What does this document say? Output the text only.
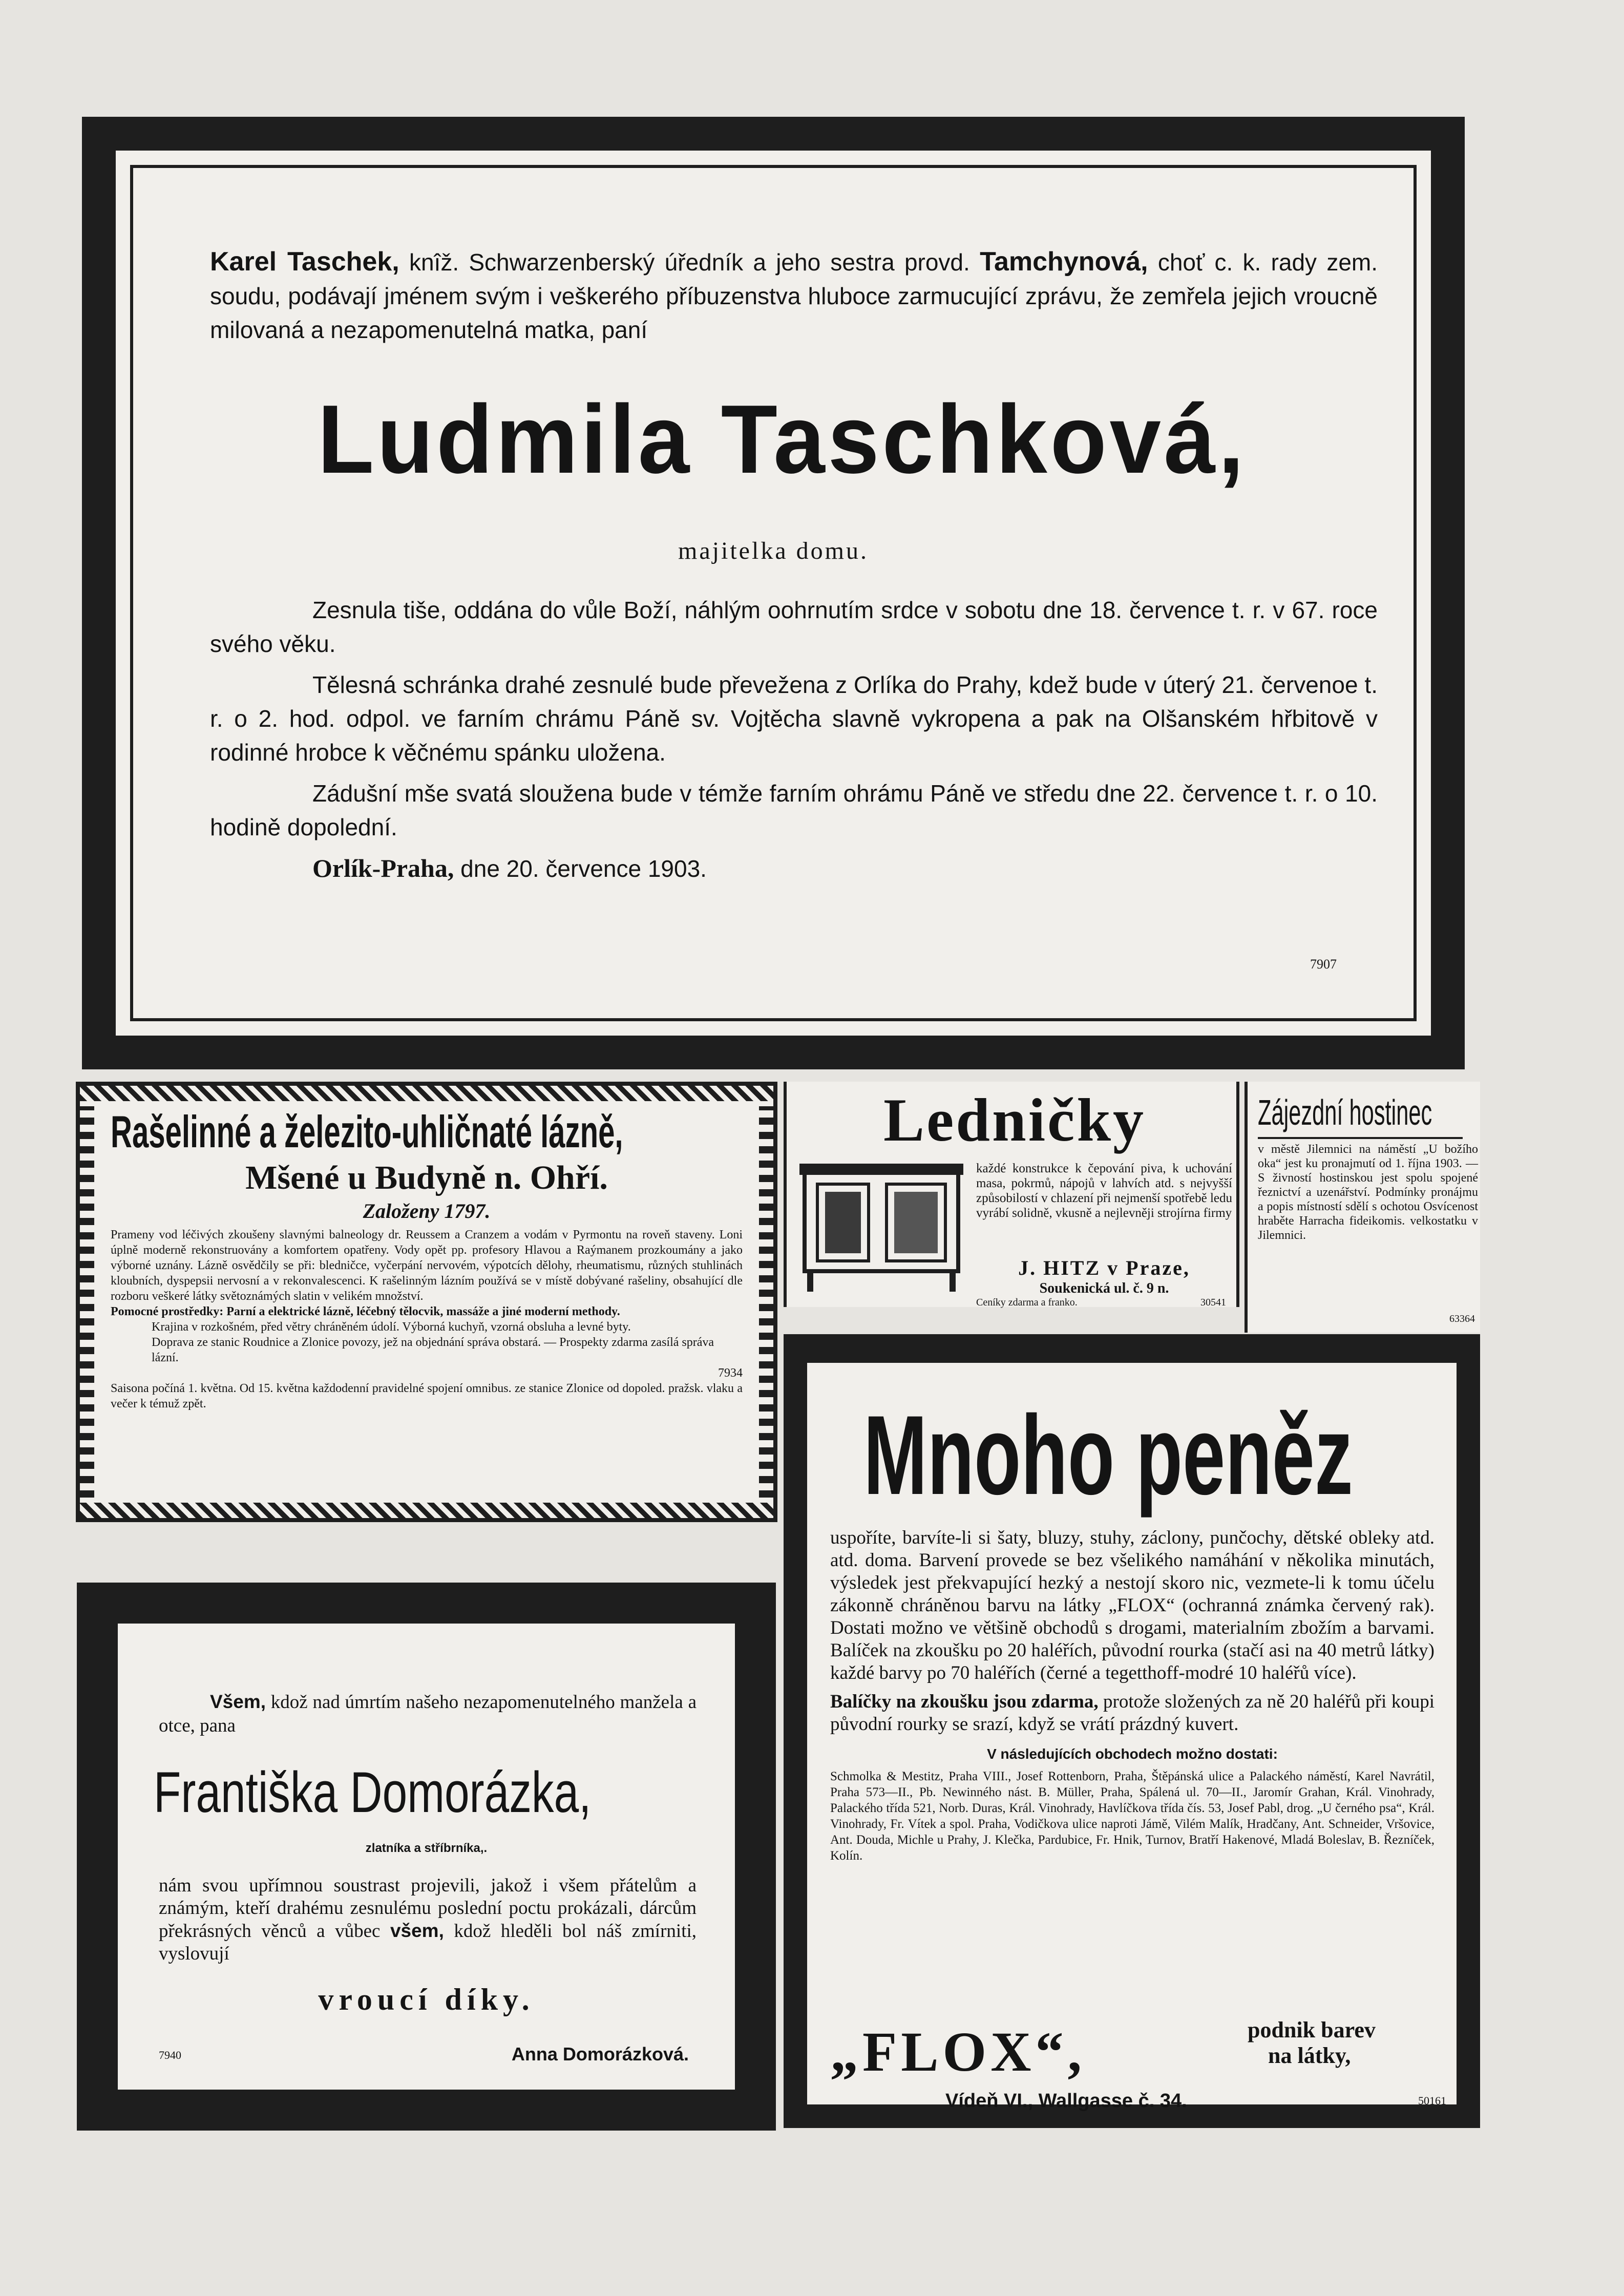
Karel Taschek, knîž. Schwarzenberský úředník a jeho sestra provd. Tamchynová, choť c. k. rady zem. soudu, podávají jménem svým i veškerého příbuzenstva hluboce zarmucující zprávu, že zemřela jejich vroucně milovaná a nezapomenutelná matka, paní

Ludmila Taschková,
majitelka domu.

Zesnula tiše, oddána do vůle Boží, náhlým oohrnutím srdce v sobotu dne 18. července t. r. v 67. roce svého věku.

Tělesná schránka drahé zesnulé bude převežena z Orlíka do Prahy, kdež bude v úterý 21. červenoe t. r. o 2. hod. odpol. ve farním chrámu Páně sv. Vojtěcha slavně vykropena a pak na Olšanském hřbitově v rodinné hrobce k věčnému spánku uložena.

Zádušní mše svatá sloužena bude v témže farním ohrámu Páně ve středu dne 22. července t. r. o 10. hodině dopolední.

Orlík-Praha, dne 20. července 1903.

7907
Rašelinné a železito-uhličnaté lázně,
Mšené u Budyně n. Ohří.
Založeny 1797.

Prameny vod léčivých zkoušeny slavnými balneology dr. Reussem a Cranzem a vodám v Pyrmontu na roveň staveny. Loni úplně moderně rekonstruovány a komfortem opatřeny. Vody opět pp. profesory Hlavou a Raýmanem prozkoumány a jako výborné uznány. Lázně osvědčily se při: bledničce, vyčerpání nervovém, výpotcích dělohy, rheumatismu, různých stuhlinách kloubních, dyspepsii nervosní a v rekonvalescenci. K rašelinným lázním používá se v místě dobývané rašeliny, obsahující dle rozboru veškeré látky světoznámých slatin v velikém množství.

Pomocné prostředky: Parní a elektrické lázně, léčebný tělocvik, massáže a jiné moderní methody.

Krajina v rozkošném, před větry chráněném údolí. Výborná kuchyň, vzorná obsluha a levné byty.

Doprava ze stanic Roudnice a Zlonice povozy, jež na objednání správa obstará. — Prospekty zdarma zasílá správa lázní.

7934

Saisona počíná 1. května. Od 15. května každodenní pravidelné spojení omnibus. ze stanice Zlonice od dopoled. pražsk. vlaku a večer k témuž zpět.

Ledničky
každé konstrukce k čepování piva, k uchování masa, pokrmů, nápojů v lahvích atd. s nejvyšší způsobilostí v chlazení při nejmenší spotřebě ledu vyrábí solidně, vkusně a nejlevněji strojírna firmy
J. HITZ v Praze,
Soukenická ul. č. 9 n.
Ceníky zdarma a franko.	30541
Zájezdní hostinec
v městě Jilemnici na náměstí „U božího oka“ jest ku pronajmutí od 1. října 1903. — S živností hostinskou jest spolu spojené řeznictví a uzenářství. Podmínky pronájmu a popis místností sdělí s ochotou Osvícenost hraběte Harracha fideikomis. velkostatku v Jilemnici.
63364
Mnoho peněz

uspoříte, barvíte-li si šaty, bluzy, stuhy, záclony, punčochy, dětské obleky atd. atd. doma. Barvení provede se bez všelikého namáhání v několika minutách, výsledek jest překvapující hezký a nestojí skoro nic, vezmete-li k tomu účelu zákonně chráněnou barvu na látky „FLOX“ (ochranná známka červený rak). Dostati možno ve většině obchodů s drogami, materialním zbožím a barvami. Balíček na zkoušku po 20 haléřích, původní rourka (stačí asi na 40 metrů látky) každé barvy po 70 haléřích (černé a tegetthoff-modré 10 haléřů více).

Balíčky na zkoušku jsou zdarma, protože složených za ně 20 haléřů při koupi původní rourky se srazí, když se vrátí prázdný kuvert.

V následujících obchodech možno dostati:

Schmolka & Mestitz, Praha VIII., Josef Rottenborn, Praha, Štěpánská ulice a Palackého náměstí, Karel Navrátil, Praha 573—II., Pb. Newinného nást. B. Müller, Praha, Spálená ul. 70—II., Jaromír Grahan, Král. Vinohrady, Palackého třída 521, Norb. Duras, Král. Vinohrady, Havlíčkova třída čís. 53, Josef Pabl, drog. „U černého psa“, Král. Vinohrady, Fr. Vítek a spol. Praha, Vodičkova ulice naproti Jámě, Vilém Malík, Hradčany, Ant. Schneider, Vršovice, Ant. Douda, Michle u Prahy, J. Klečka, Pardubice, Fr. Hnik, Turnov, Bratří Hakenové, Mladá Boleslav, B. Řezníček, Kolín.

„FLOX“,	podnik barev
na látky,
Vídeň VI., Wallgasse č. 34.	50161

Všem, kdož nad úmrtím našeho nezapomenutelného manžela a otce, pana

Františka Domorázka,
zlatníka a stříbrníka,.

nám svou upřímnou soustrast projevili, jakož i všem přátelům a známým, kteří drahému zesnulému poslední poctu prokázali, dárcům překrásných věnců a vůbec všem, kdož hleděli bol náš zmírniti, vyslovují

vroucí díky.
7940	Anna Domorázková.
